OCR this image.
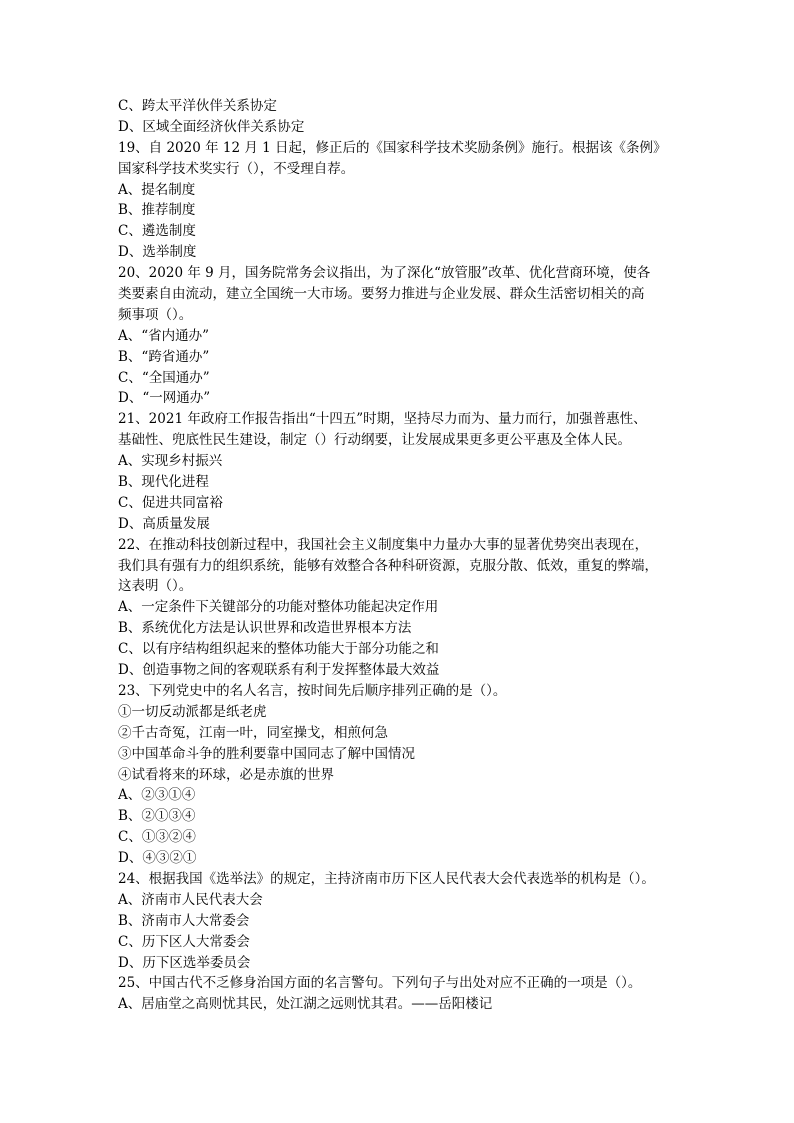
C、跨太平洋伙伴关系协定
D、区域全面经济伙伴关系协定
19、自 2020 年 12 月 1 日起，修正后的《国家科学技术奖励条例》施行。根据该《条例》
国家科学技术奖实行（），不受理自荐。
A、提名制度
B、推荐制度
C、遴选制度
D、选举制度
20、2020 年 9 月，国务院常务会议指出，为了深化“放管服”改革、优化营商环境，使各
类要素自由流动，建立全国统一大市场。要努力推进与企业发展、群众生活密切相关的高
频事项（）。
A、“省内通办”
B、“跨省通办”
C、“全国通办”
D、“一网通办”
21、2021 年政府工作报告指出“十四五”时期，坚持尽力而为、量力而行，加强普惠性、
基础性、兜底性民生建设，制定（）行动纲要，让发展成果更多更公平惠及全体人民。
A、实现乡村振兴
B、现代化进程
C、促进共同富裕
D、高质量发展
22、在推动科技创新过程中，我国社会主义制度集中力量办大事的显著优势突出表现在，
我们具有强有力的组织系统，能够有效整合各种科研资源，克服分散、低效，重复的弊端，
这表明（）。
A、一定条件下关键部分的功能对整体功能起决定作用
B、系统优化方法是认识世界和改造世界根本方法
C、以有序结构组织起来的整体功能大于部分功能之和
D、创造事物之间的客观联系有利于发挥整体最大效益
23、下列党史中的名人名言，按时间先后顺序排列正确的是（）。
①一切反动派都是纸老虎
②千古奇冤，江南一叶，同室操戈，相煎何急
③中国革命斗争的胜利要靠中国同志了解中国情况
④试看将来的环球，必是赤旗的世界
A、②③①④
B、②①③④
C、①③②④
D、④③②①
24、根据我国《选举法》的规定，主持济南市历下区人民代表大会代表选举的机构是（）。
A、济南市人民代表大会
B、济南市人大常委会
C、历下区人大常委会
D、历下区选举委员会
25、中国古代不乏修身治国方面的名言警句。下列句子与出处对应不正确的一项是（）。
A、居庙堂之高则忧其民，处江湖之远则忧其君。——岳阳楼记
